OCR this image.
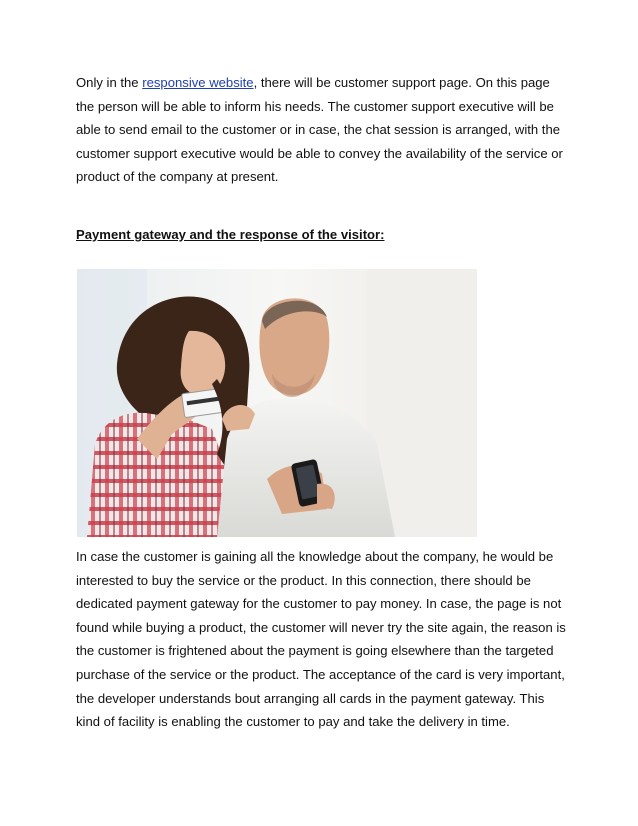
Only in the responsive website, there will be customer support page. On this page the person will be able to inform his needs. The customer support executive will be able to send email to the customer or in case, the chat session is arranged, with the customer support executive would be able to convey the availability of the service or product of the company at present.

Payment gateway and the response of the visitor:

In case the customer is gaining all the knowledge about the company, he would be interested to buy the service or the product. In this connection, there should be dedicated payment gateway for the customer to pay money. In case, the page is not found while buying a product, the customer will never try the site again, the reason is the customer is frightened about the payment is going elsewhere than the targeted purchase of the service or the product. The acceptance of the card is very important, the developer understands bout arranging all cards in the payment gateway. This kind of facility is enabling the customer to pay and take the delivery in time.
